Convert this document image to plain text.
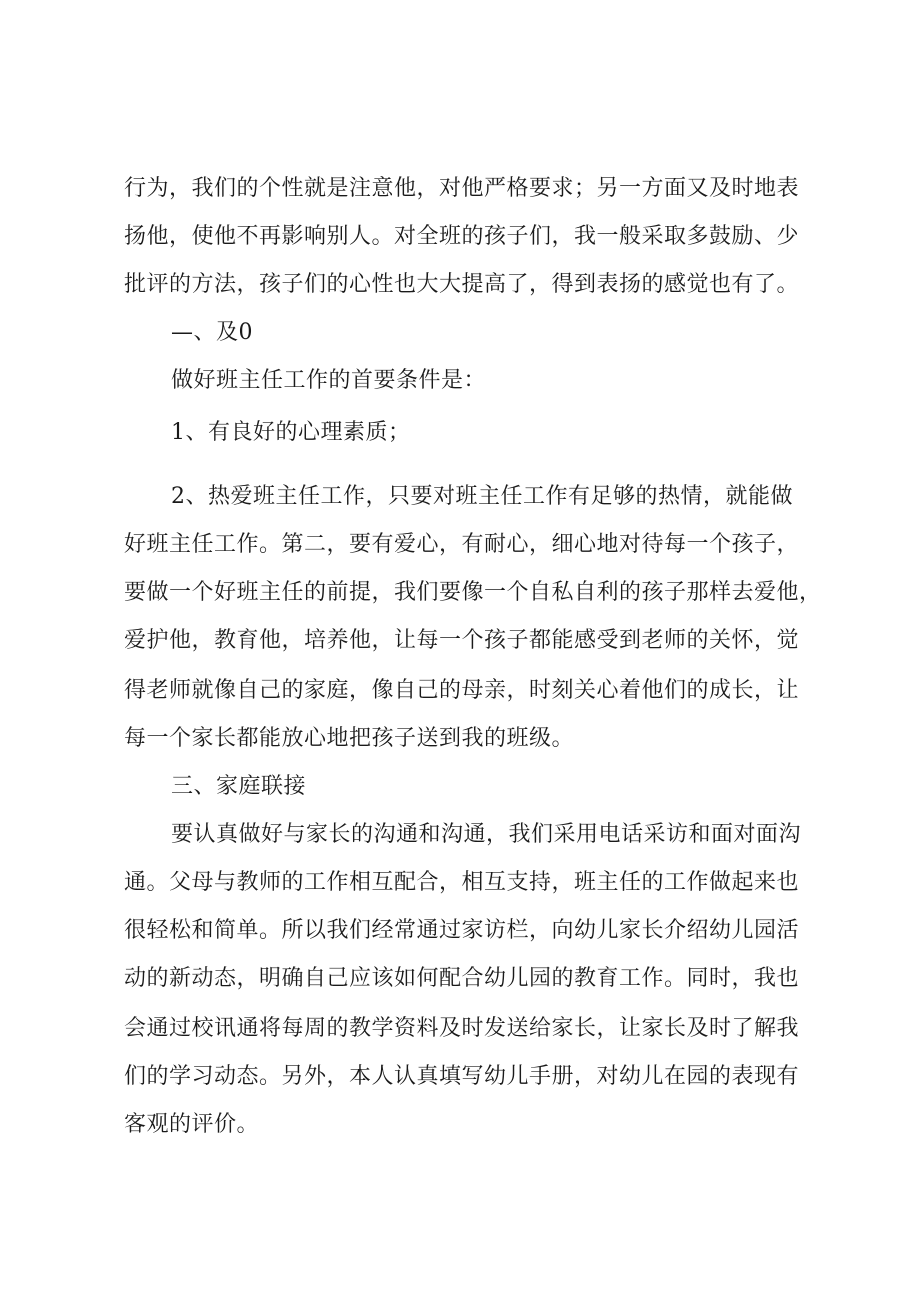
行为，我们的个性就是注意他，对他严格要求；另一方面又及时地表
扬他，使他不再影响别人。对全班的孩子们，我一般采取多鼓励、少
批评的方法，孩子们的心性也大大提高了，得到表扬的感觉也有了。
—、及0
做好班主任工作的首要条件是：
1、有良好的心理素质；
2、热爱班主任工作，只要对班主任工作有足够的热情，就能做
好班主任工作。第二，要有爱心，有耐心，细心地对待每一个孩子，
要做一个好班主任的前提，我们要像一个自私自利的孩子那样去爱他，
爱护他，教育他，培养他，让每一个孩子都能感受到老师的关怀，觉
得老师就像自己的家庭，像自己的母亲，时刻关心着他们的成长，让
每一个家长都能放心地把孩子送到我的班级。
三、家庭联接
要认真做好与家长的沟通和沟通，我们采用电话采访和面对面沟
通。父母与教师的工作相互配合，相互支持，班主任的工作做起来也
很轻松和简单。所以我们经常通过家访栏，向幼儿家长介绍幼儿园活
动的新动态，明确自己应该如何配合幼儿园的教育工作。同时，我也
会通过校讯通将每周的教学资料及时发送给家长，让家长及时了解我
们的学习动态。另外，本人认真填写幼儿手册，对幼儿在园的表现有
客观的评价。
